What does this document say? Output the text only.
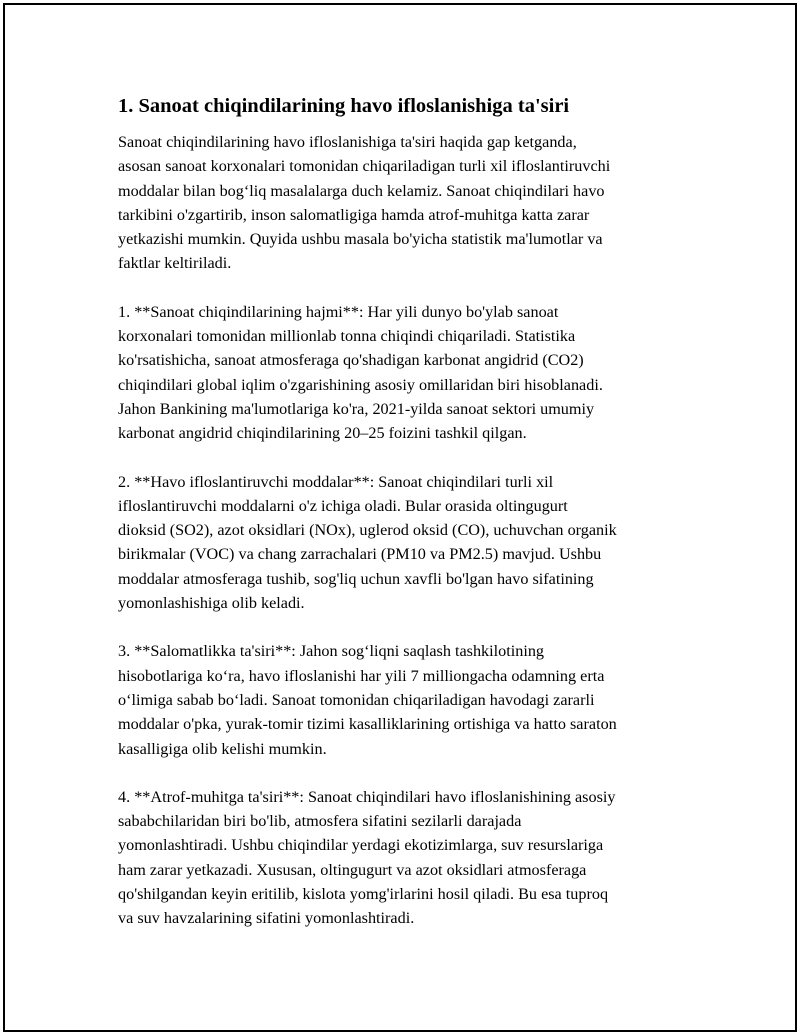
1. Sanoat chiqindilarining havo ifloslanishiga ta'siri

Sanoat chiqindilarining havo ifloslanishiga ta'siri haqida gap ketganda,
asosan sanoat korxonalari tomonidan chiqariladigan turli xil ifloslantiruvchi
moddalar bilan bog‘liq masalalarga duch kelamiz. Sanoat chiqindilari havo
tarkibini o'zgartirib, inson salomatligiga hamda atrof-muhitga katta zarar
yetkazishi mumkin. Quyida ushbu masala bo'yicha statistik ma'lumotlar va
faktlar keltiriladi.

1. **Sanoat chiqindilarining hajmi**: Har yili dunyo bo'ylab sanoat
korxonalari tomonidan millionlab tonna chiqindi chiqariladi. Statistika
ko'rsatishicha, sanoat atmosferaga qo'shadigan karbonat angidrid (CO2)
chiqindilari global iqlim o'zgarishining asosiy omillaridan biri hisoblanadi.
Jahon Bankining ma'lumotlariga ko'ra, 2021-yilda sanoat sektori umumiy
karbonat angidrid chiqindilarining 20–25 foizini tashkil qilgan.

2. **Havo ifloslantiruvchi moddalar**: Sanoat chiqindilari turli xil
ifloslantiruvchi moddalarni o'z ichiga oladi. Bular orasida oltingugurt
dioksid (SO2), azot oksidlari (NOx), uglerod oksid (CO), uchuvchan organik
birikmalar (VOC) va chang zarrachalari (PM10 va PM2.5) mavjud. Ushbu
moddalar atmosferaga tushib, sog'liq uchun xavfli bo'lgan havo sifatining
yomonlashishiga olib keladi.

3. **Salomatlikka ta'siri**: Jahon sog‘liqni saqlash tashkilotining
hisobotlariga ko‘ra, havo ifloslanishi har yili 7 milliongacha odamning erta
o‘limiga sabab bo‘ladi. Sanoat tomonidan chiqariladigan havodagi zararli
moddalar o'pka, yurak-tomir tizimi kasalliklarining ortishiga va hatto saraton
kasalligiga olib kelishi mumkin.

4. **Atrof-muhitga ta'siri**: Sanoat chiqindilari havo ifloslanishining asosiy
sababchilaridan biri bo'lib, atmosfera sifatini sezilarli darajada
yomonlashtiradi. Ushbu chiqindilar yerdagi ekotizimlarga, suv resurslariga
ham zarar yetkazadi. Xususan, oltingugurt va azot oksidlari atmosferaga
qo'shilgandan keyin eritilib, kislota yomg'irlarini hosil qiladi. Bu esa tuproq
va suv havzalarining sifatini yomonlashtiradi.
